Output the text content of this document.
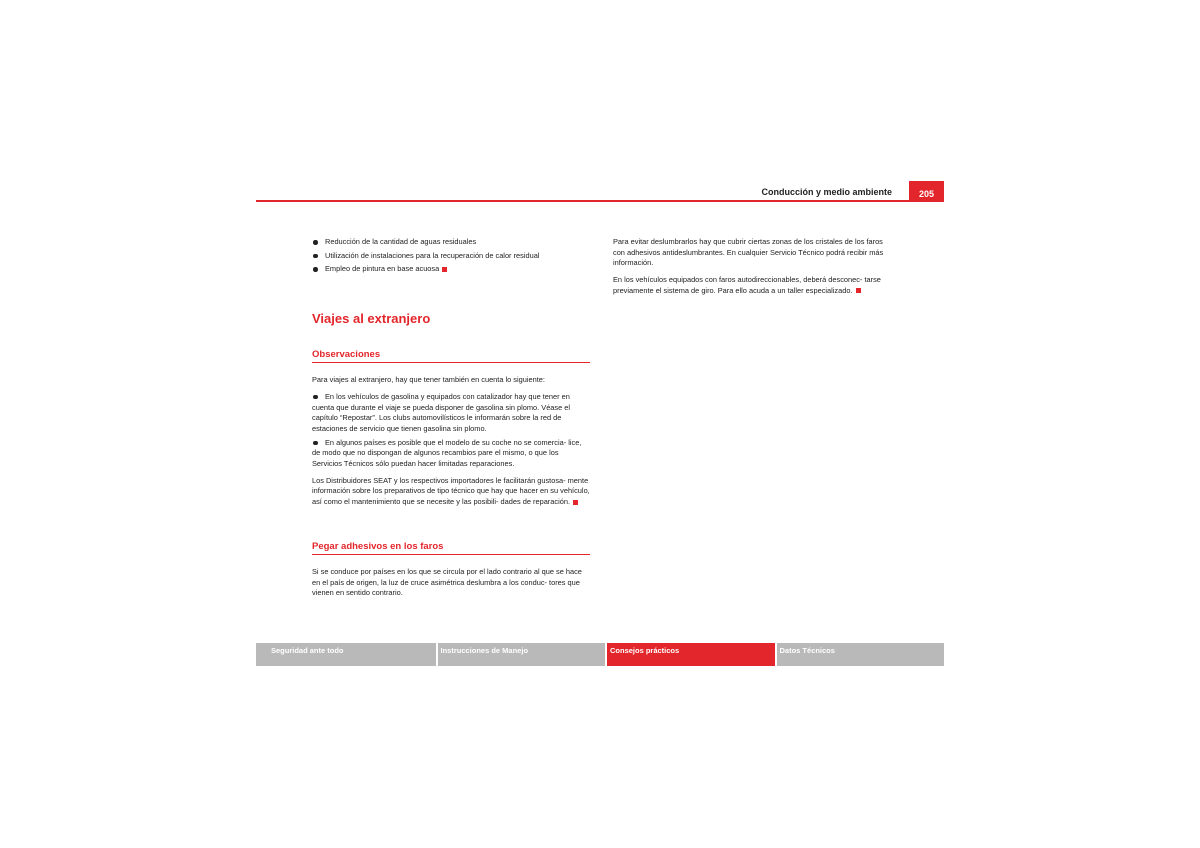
Conducción y medio ambiente	205
Reducción de la cantidad de aguas residuales
Utilización de instalaciones para la recuperación de calor residual
Empleo de pintura en base acuosa
Viajes al extranjero
Observaciones

Para viajes al extranjero, hay que tener también en cuenta lo siguiente:

En los vehículos de gasolina y equipados con catalizador hay que tener en cuenta que durante el viaje se pueda disponer de gasolina sin plomo. Véase el capítulo “Repostar”. Los clubs automovilísticos le informarán sobre la red de estaciones de servicio que tienen gasolina sin plomo.
En algunos países es posible que el modelo de su coche no se comercia- lice, de modo que no dispongan de algunos recambios pare el mismo, o que los Servicios Técnicos sólo puedan hacer limitadas reparaciones.

Los Distribuidores SEAT y los respectivos importadores le facilitarán gustosa- mente información sobre los preparativos de tipo técnico que hay que hacer en su vehículo, así como el mantenimiento que se necesite y las posibili- dades de reparación.

Pegar adhesivos en los faros

Si se conduce por países en los que se circula por el lado contrario al que se hace en el país de origen, la luz de cruce asimétrica deslumbra a los conduc- tores que vienen en sentido contrario.

Para evitar deslumbrarlos hay que cubrir ciertas zonas de los cristales de los faros con adhesivos antideslumbrantes. En cualquier Servicio Técnico podrá recibir más información.

En los vehículos equipados con faros autodireccionables, deberá desconec- tarse previamente el sistema de giro. Para ello acuda a un taller especializado.

Seguridad ante todo	Instrucciones de Manejo	Consejos prácticos	Datos Técnicos
